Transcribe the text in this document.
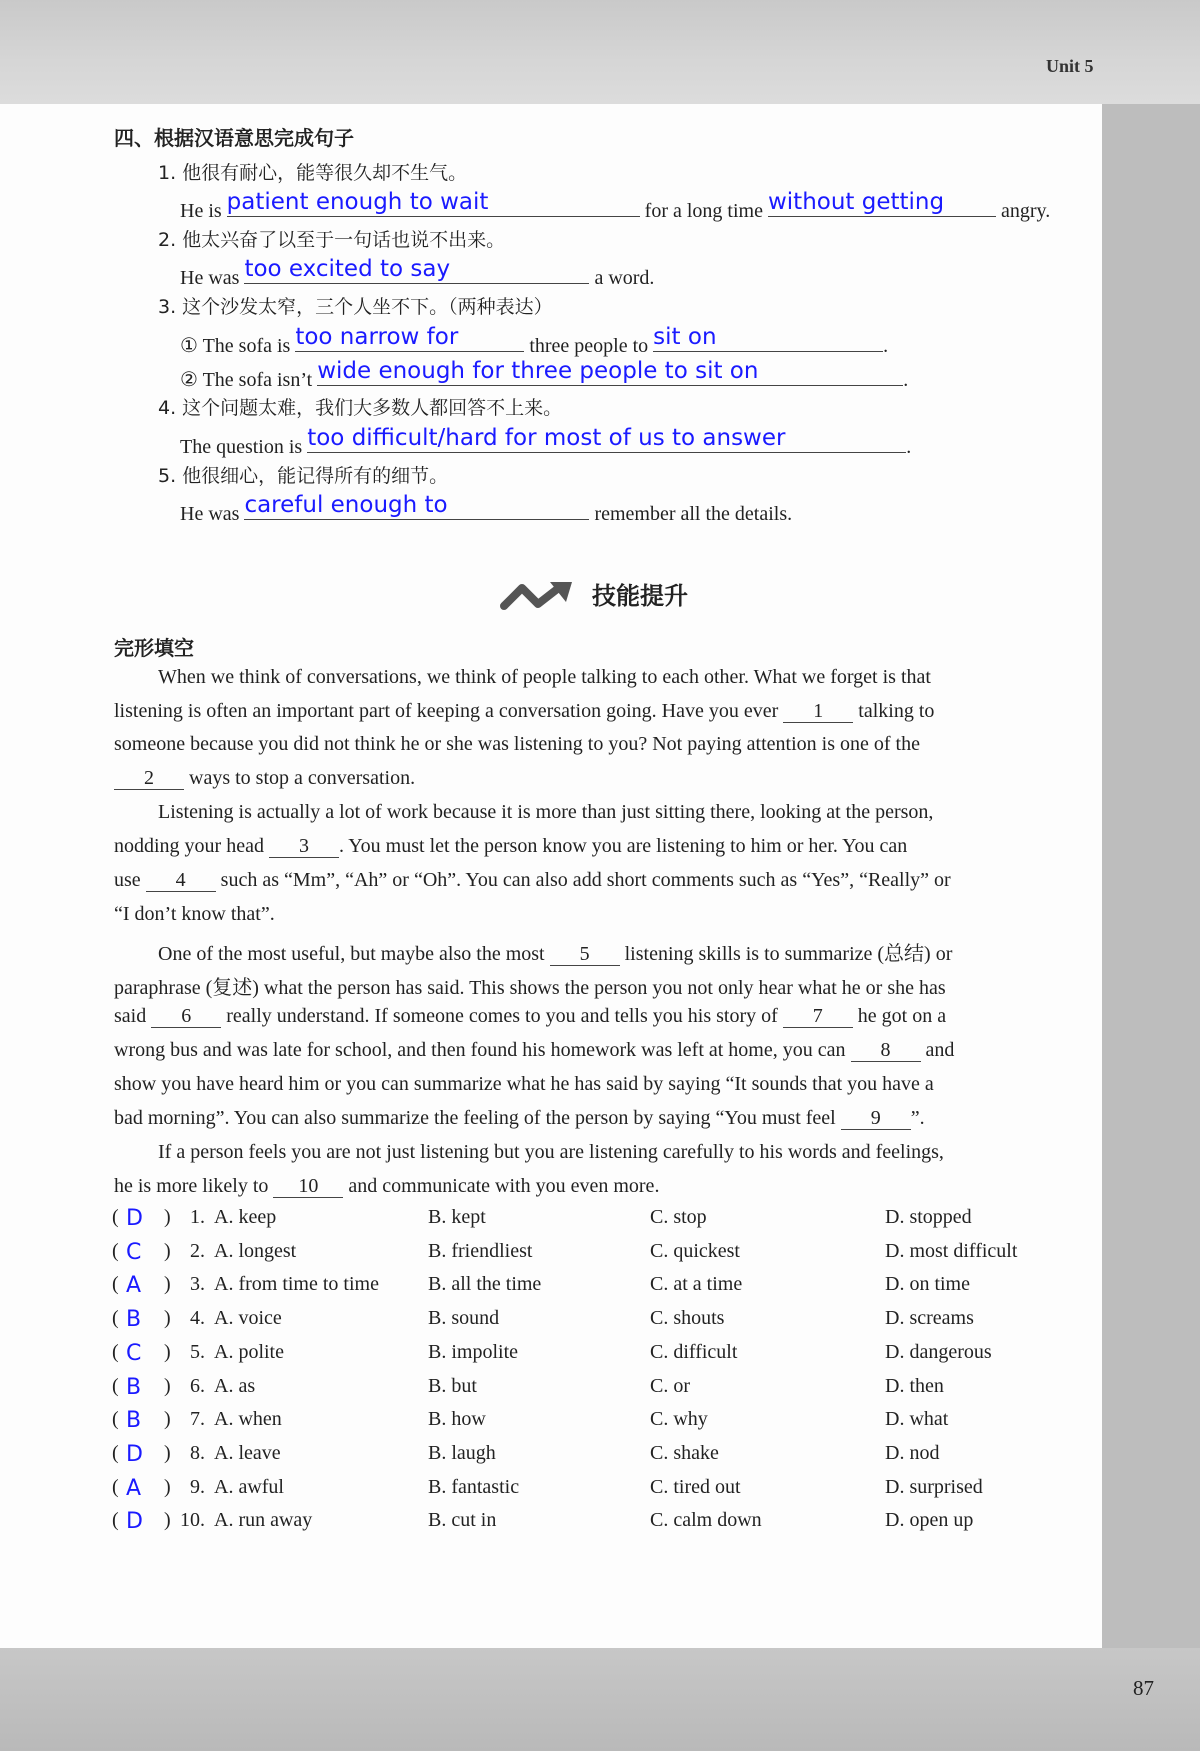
Unit 5
87
四、根据汉语意思完成句子
1. 他很有耐心，能等很久却不生气。
He is patient enough to wait	for a long time without getting	angry.
2. 他太兴奋了以至于一句话也说不出来。
He was too excited to say	a word.
3. 这个沙发太窄，三个人坐不下。（两种表达）
① The sofa is too narrow for	three people to sit on	.
② The sofa isn’t wide enough for three people to sit on	.
4. 这个问题太难，我们大多数人都回答不上来。
The question is too difficult/hard for most of us to answer	.
5. 他很细心，能记得所有的细节。
He was careful enough to	remember all the details.
技能提升
完形填空
When we think of conversations, we think of people talking to each other. What we forget is that
listening is often an important part of keeping a conversation going. Have you ever 1 talking to
someone because you did not think he or she was listening to you? Not paying attention is one of the
2 ways to stop a conversation.
Listening is actually a lot of work because it is more than just sitting there, looking at the person,
nodding your head 3 . You must let the person know you are listening to him or her. You can
use 4 such as “Mm”, “Ah” or “Oh”. You can also add short comments such as “Yes”, “Really” or
“I don’t know that”.
One of the most useful, but maybe also the most 5 listening skills is to summarize (总结) or
paraphrase (复述) what the person has said. This shows the person you not only hear what he or she has
said 6 really understand. If someone comes to you and tells you his story of 7 he got on a
wrong bus and was late for school, and then found his homework was left at home, you can 8 and
show you have heard him or you can summarize what he has said by saying “It sounds that you have a
bad morning”. You can also summarize the feeling of the person by saying “You must feel 9 ”.
If a person feels you are not just listening but you are listening carefully to his words and feelings,
he is more likely to 10 and communicate with you even more.
( D ) 1. A. keep	B. kept	C. stop	D. stopped
( C ) 2. A. longest	B. friendliest	C. quickest	D. most difficult
( A ) 3. A. from time to time B. all the time	C. at a time	D. on time
( B ) 4. A. voice	B. sound	C. shouts	D. screams
( C ) 5. A. polite	B. impolite	C. difficult	D. dangerous
( B ) 6. A. as	B. but	C. or	D. then
( B ) 7. A. when	B. how	C. why	D. what
( D ) 8. A. leave	B. laugh	C. shake	D. nod
( A ) 9. A. awful	B. fantastic	C. tired out	D. surprised
( D ) 10. A. run away	B. cut in	C. calm down	D. open up
